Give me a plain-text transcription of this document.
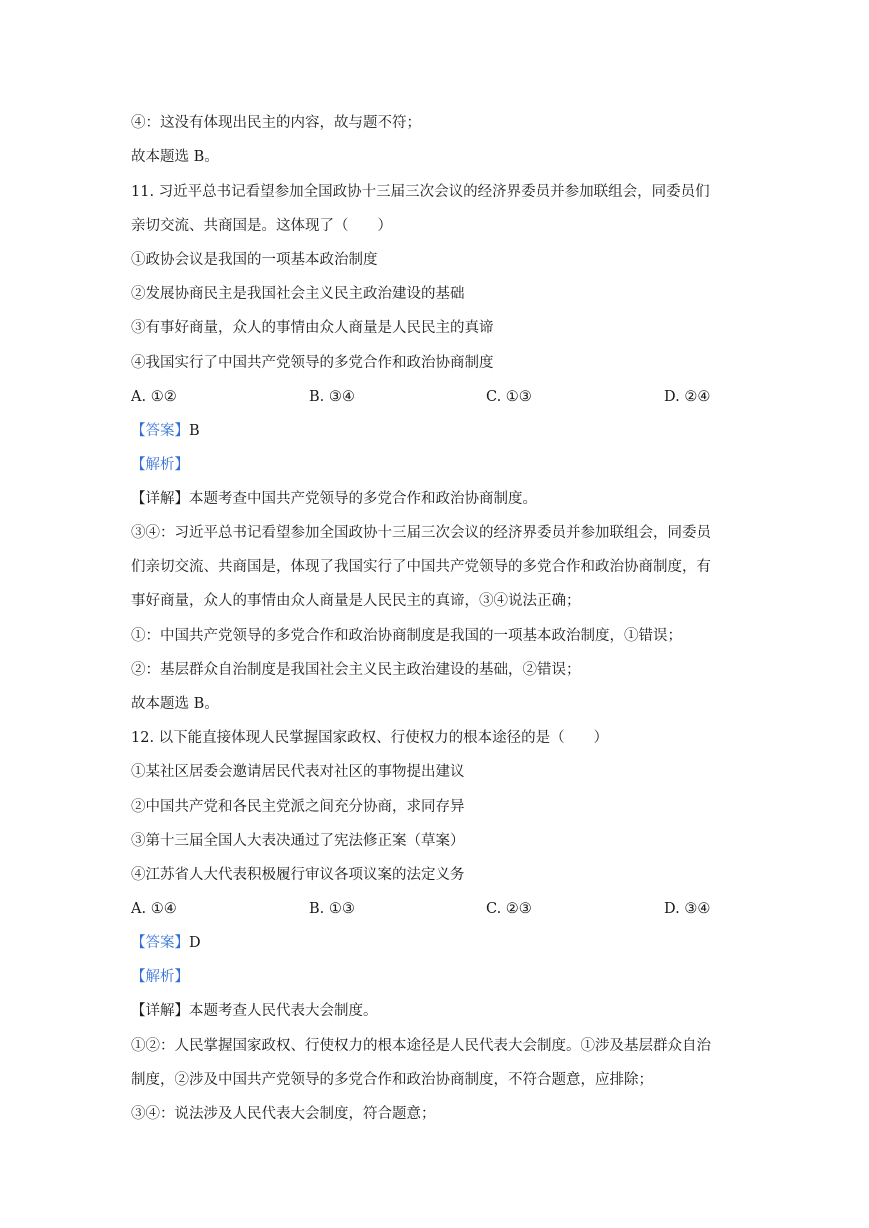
④：这没有体现出民主的内容，故与题不符；
故本题选 B。
11. 习近平总书记看望参加全国政协十三届三次会议的经济界委员并参加联组会，同委员们
亲切交流、共商国是。这体现了（　　）
①政协会议是我国的一项基本政治制度
②发展协商民主是我国社会主义民主政治建设的基础
③有事好商量，众人的事情由众人商量是人民民主的真谛
④我国实行了中国共产党领导的多党合作和政治协商制度
A. ①②	B. ③④	C. ①③	D. ②④
【答案】B
【解析】
【详解】本题考查中国共产党领导的多党合作和政治协商制度。
③④：习近平总书记看望参加全国政协十三届三次会议的经济界委员并参加联组会，同委员
们亲切交流、共商国是，体现了我国实行了中国共产党领导的多党合作和政治协商制度，有
事好商量，众人的事情由众人商量是人民民主的真谛，③④说法正确；
①：中国共产党领导的多党合作和政治协商制度是我国的一项基本政治制度，①错误；
②：基层群众自治制度是我国社会主义民主政治建设的基础，②错误；
故本题选 B。
12. 以下能直接体现人民掌握国家政权、行使权力的根本途径的是（　　）
①某社区居委会邀请居民代表对社区的事物提出建议
②中国共产党和各民主党派之间充分协商，求同存异
③第十三届全国人大表决通过了宪法修正案（草案）
④江苏省人大代表积极履行审议各项议案的法定义务
A. ①④	B. ①③	C. ②③	D. ③④
【答案】D
【解析】
【详解】本题考查人民代表大会制度。
①②：人民掌握国家政权、行使权力的根本途径是人民代表大会制度。①涉及基层群众自治
制度，②涉及中国共产党领导的多党合作和政治协商制度，不符合题意，应排除；
③④：说法涉及人民代表大会制度，符合题意；
